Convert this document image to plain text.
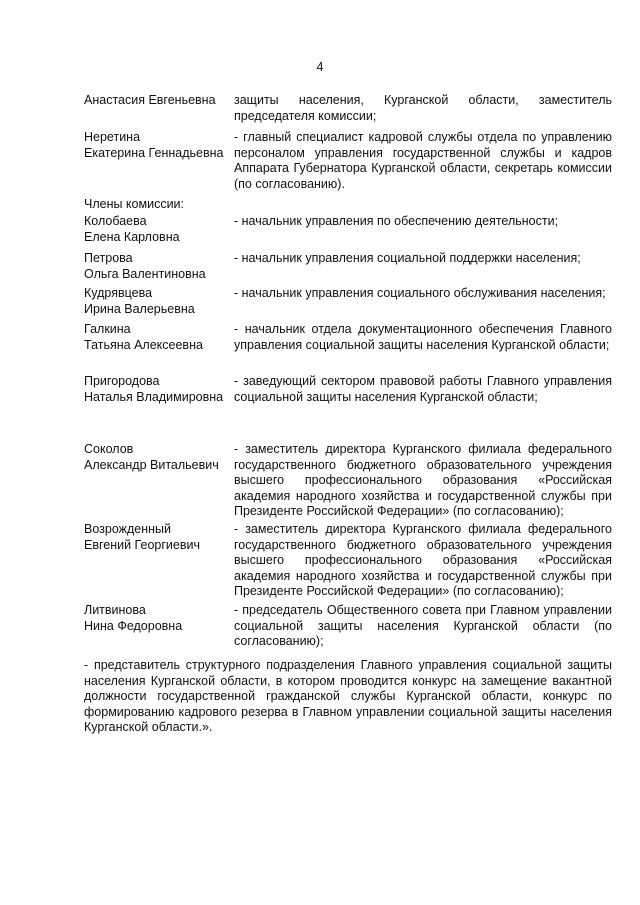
4
Анастасия Евгеньевна	защиты населения, Курганской области, заместитель председателя комиссии;
Неретина
Екатерина Геннадьевна
- главный специалист кадровой службы отдела по управлению персоналом управления государственной службы и кадров Аппарата Губернатора Курганской области, секретарь комиссии (по согласованию).
Члены комиссии:
Колобаева
Елена Карловна
- начальник управления по обеспечению деятельности;
Петрова
Ольга Валентиновна
- начальник управления социальной поддержки населения;
Кудрявцева
Ирина Валерьевна
- начальник управления социального обслуживания населения;
Галкина
Татьяна Алексеевна
- начальник отдела документационного обеспечения Главного управления социальной защиты населения Курганской области;
Пригородова
Наталья Владимировна
- заведующий сектором правовой работы Главного управления социальной защиты населения Курганской области;
Соколов
Александр Витальевич
- заместитель директора Курганского филиала федерального государственного бюджетного образовательного учреждения высшего профессионального образования «Российская академия народного хозяйства и государственной службы при Президенте Российской Федерации» (по согласованию);
Возрожденный
Евгений Георгиевич
- заместитель директора Курганского филиала федерального государственного бюджетного образовательного учреждения высшего профессионального образования «Российская академия народного хозяйства и государственной службы при Президенте Российской Федерации» (по согласованию);
Литвинова
Нина Федоровна
- председатель Общественного совета при Главном управлении социальной защиты населения Курганской области (по согласованию);
- представитель структурного подразделения Главного управления социальной защиты населения Курганской области, в котором проводится конкурс на замещение вакантной должности государственной гражданской службы Курганской области, конкурс по формированию кадрового резерва в Главном управлении социальной защиты населения Курганской области.».
